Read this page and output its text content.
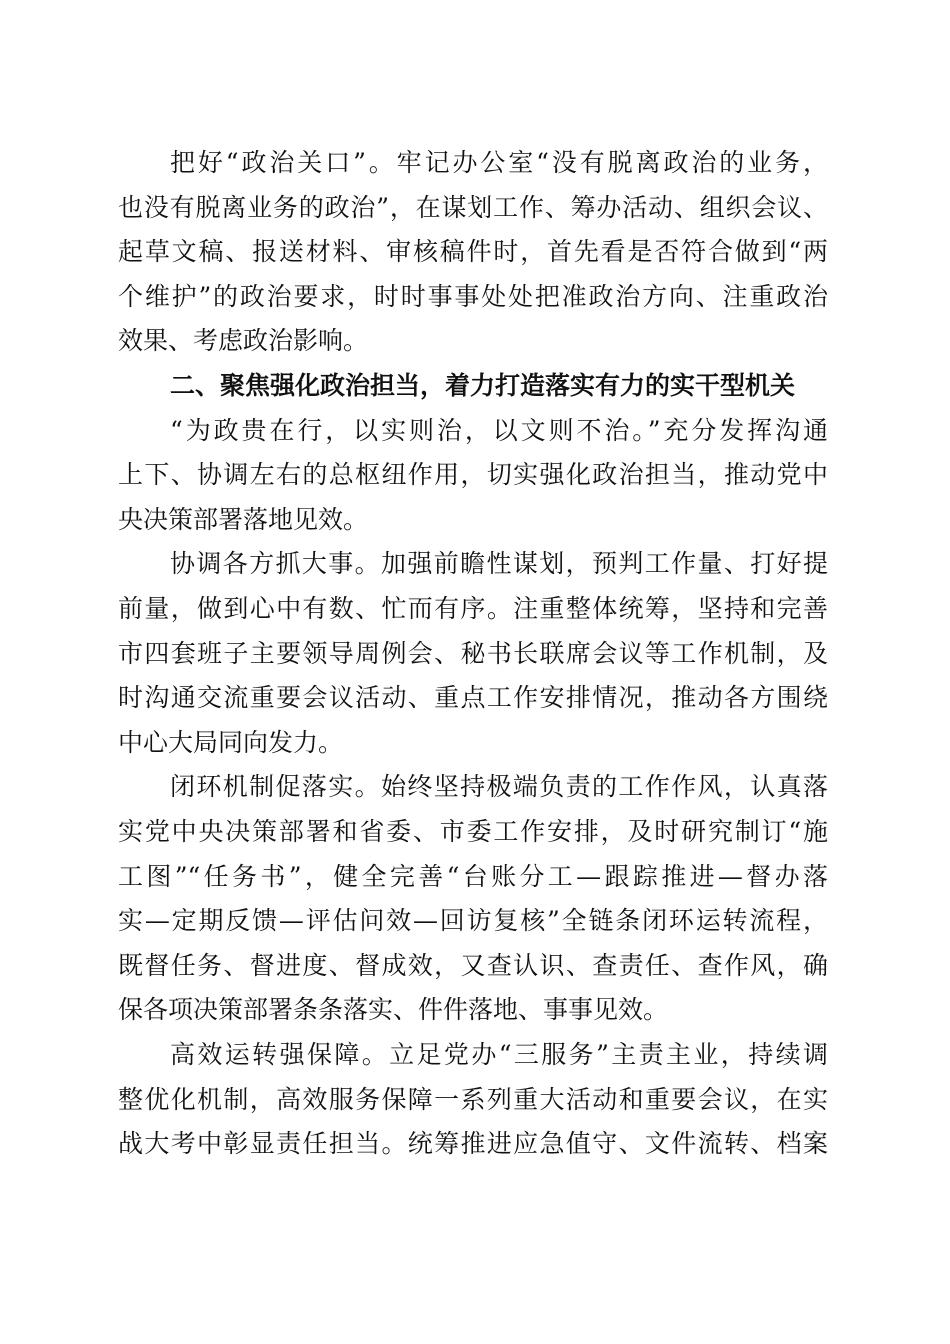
把好“政治关口”。牢记办公室“没有脱离政治的业务，
也没有脱离业务的政治”，在谋划工作、筹办活动、组织会议、
起草文稿、报送材料、审核稿件时，首先看是否符合做到“两
个维护”的政治要求，时时事事处处把准政治方向、注重政治
效果、考虑政治影响。
二、聚焦强化政治担当，着力打造落实有力的实干型机关
“为政贵在行，以实则治，以文则不治。”充分发挥沟通
上下、协调左右的总枢纽作用，切实强化政治担当，推动党中
央决策部署落地见效。
协调各方抓大事。加强前瞻性谋划，预判工作量、打好提
前量，做到心中有数、忙而有序。注重整体统筹，坚持和完善
市四套班子主要领导周例会、秘书长联席会议等工作机制，及
时沟通交流重要会议活动、重点工作安排情况，推动各方围绕
中心大局同向发力。
闭环机制促落实。始终坚持极端负责的工作作风，认真落
实党中央决策部署和省委、市委工作安排，及时研究制订“施
工图”“任务书”，健全完善“台账分工—跟踪推进—督办落
实—定期反馈—评估问效—回访复核”全链条闭环运转流程，
既督任务、督进度、督成效，又查认识、查责任、查作风，确
保各项决策部署条条落实、件件落地、事事见效。
高效运转强保障。立足党办“三服务”主责主业，持续调
整优化机制，高效服务保障一系列重大活动和重要会议，在实
战大考中彰显责任担当。统筹推进应急值守、文件流转、档案
